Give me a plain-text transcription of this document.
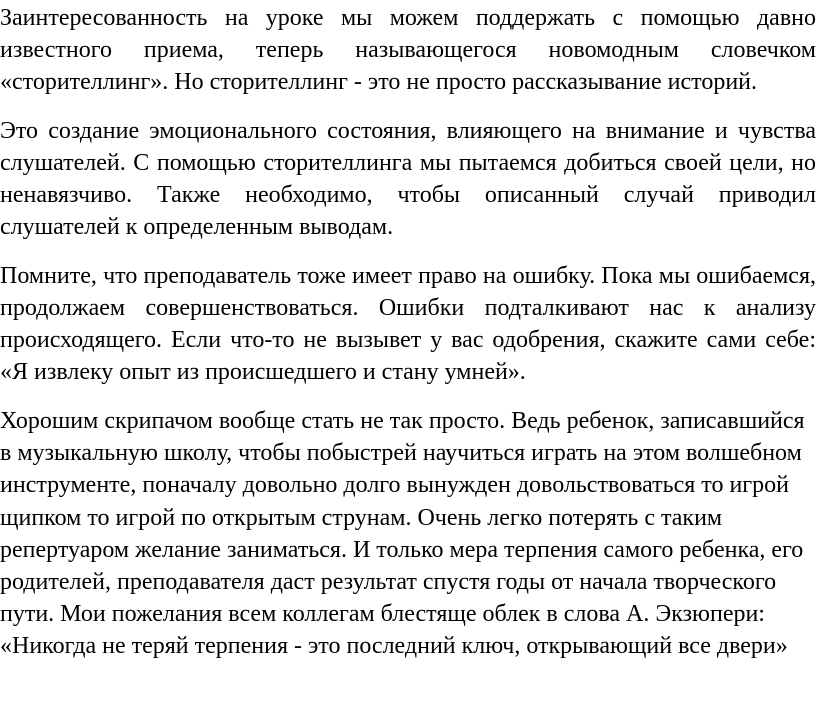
Заинтересованность на уроке мы можем поддержать с помощью давно известного приема, теперь называющегося новомодным словечком «сторителлинг». Но сторителлинг - это не просто рассказывание историй.

Это создание эмоционального состояния, влияющего на внимание и чувства слушателей. С помощью сторителлинга мы пытаемся добиться своей цели, но ненавязчиво. Также необходимо, чтобы описанный случай приводил слушателей к определенным выводам.

Помните, что преподаватель тоже имеет право на ошибку. Пока мы ошибаемся, продолжаем совершенствоваться. Ошибки подталкивают нас к анализу происходящего. Если что-то не вызывет у вас одобрения, скажите сами себе: «Я извлеку опыт из происшедшего и стану умней».

Хорошим скрипачом вообще стать не так просто. Ведь ребенок, записавшийся в музыкальную школу, чтобы побыстрей научиться играть на этом волшебном инструменте, поначалу довольно долго вынужден довольствоваться то игрой щипком то игрой по открытым струнам. Очень легко потерять с таким репертуаром желание заниматься. И только мера терпения самого ребенка, его родителей, преподавателя даст результат спустя годы от начала творческого пути. Мои пожелания всем коллегам блестяще облек в слова А. Экзюпери: «Никогда не теряй терпения - это последний ключ, открывающий все двери»
